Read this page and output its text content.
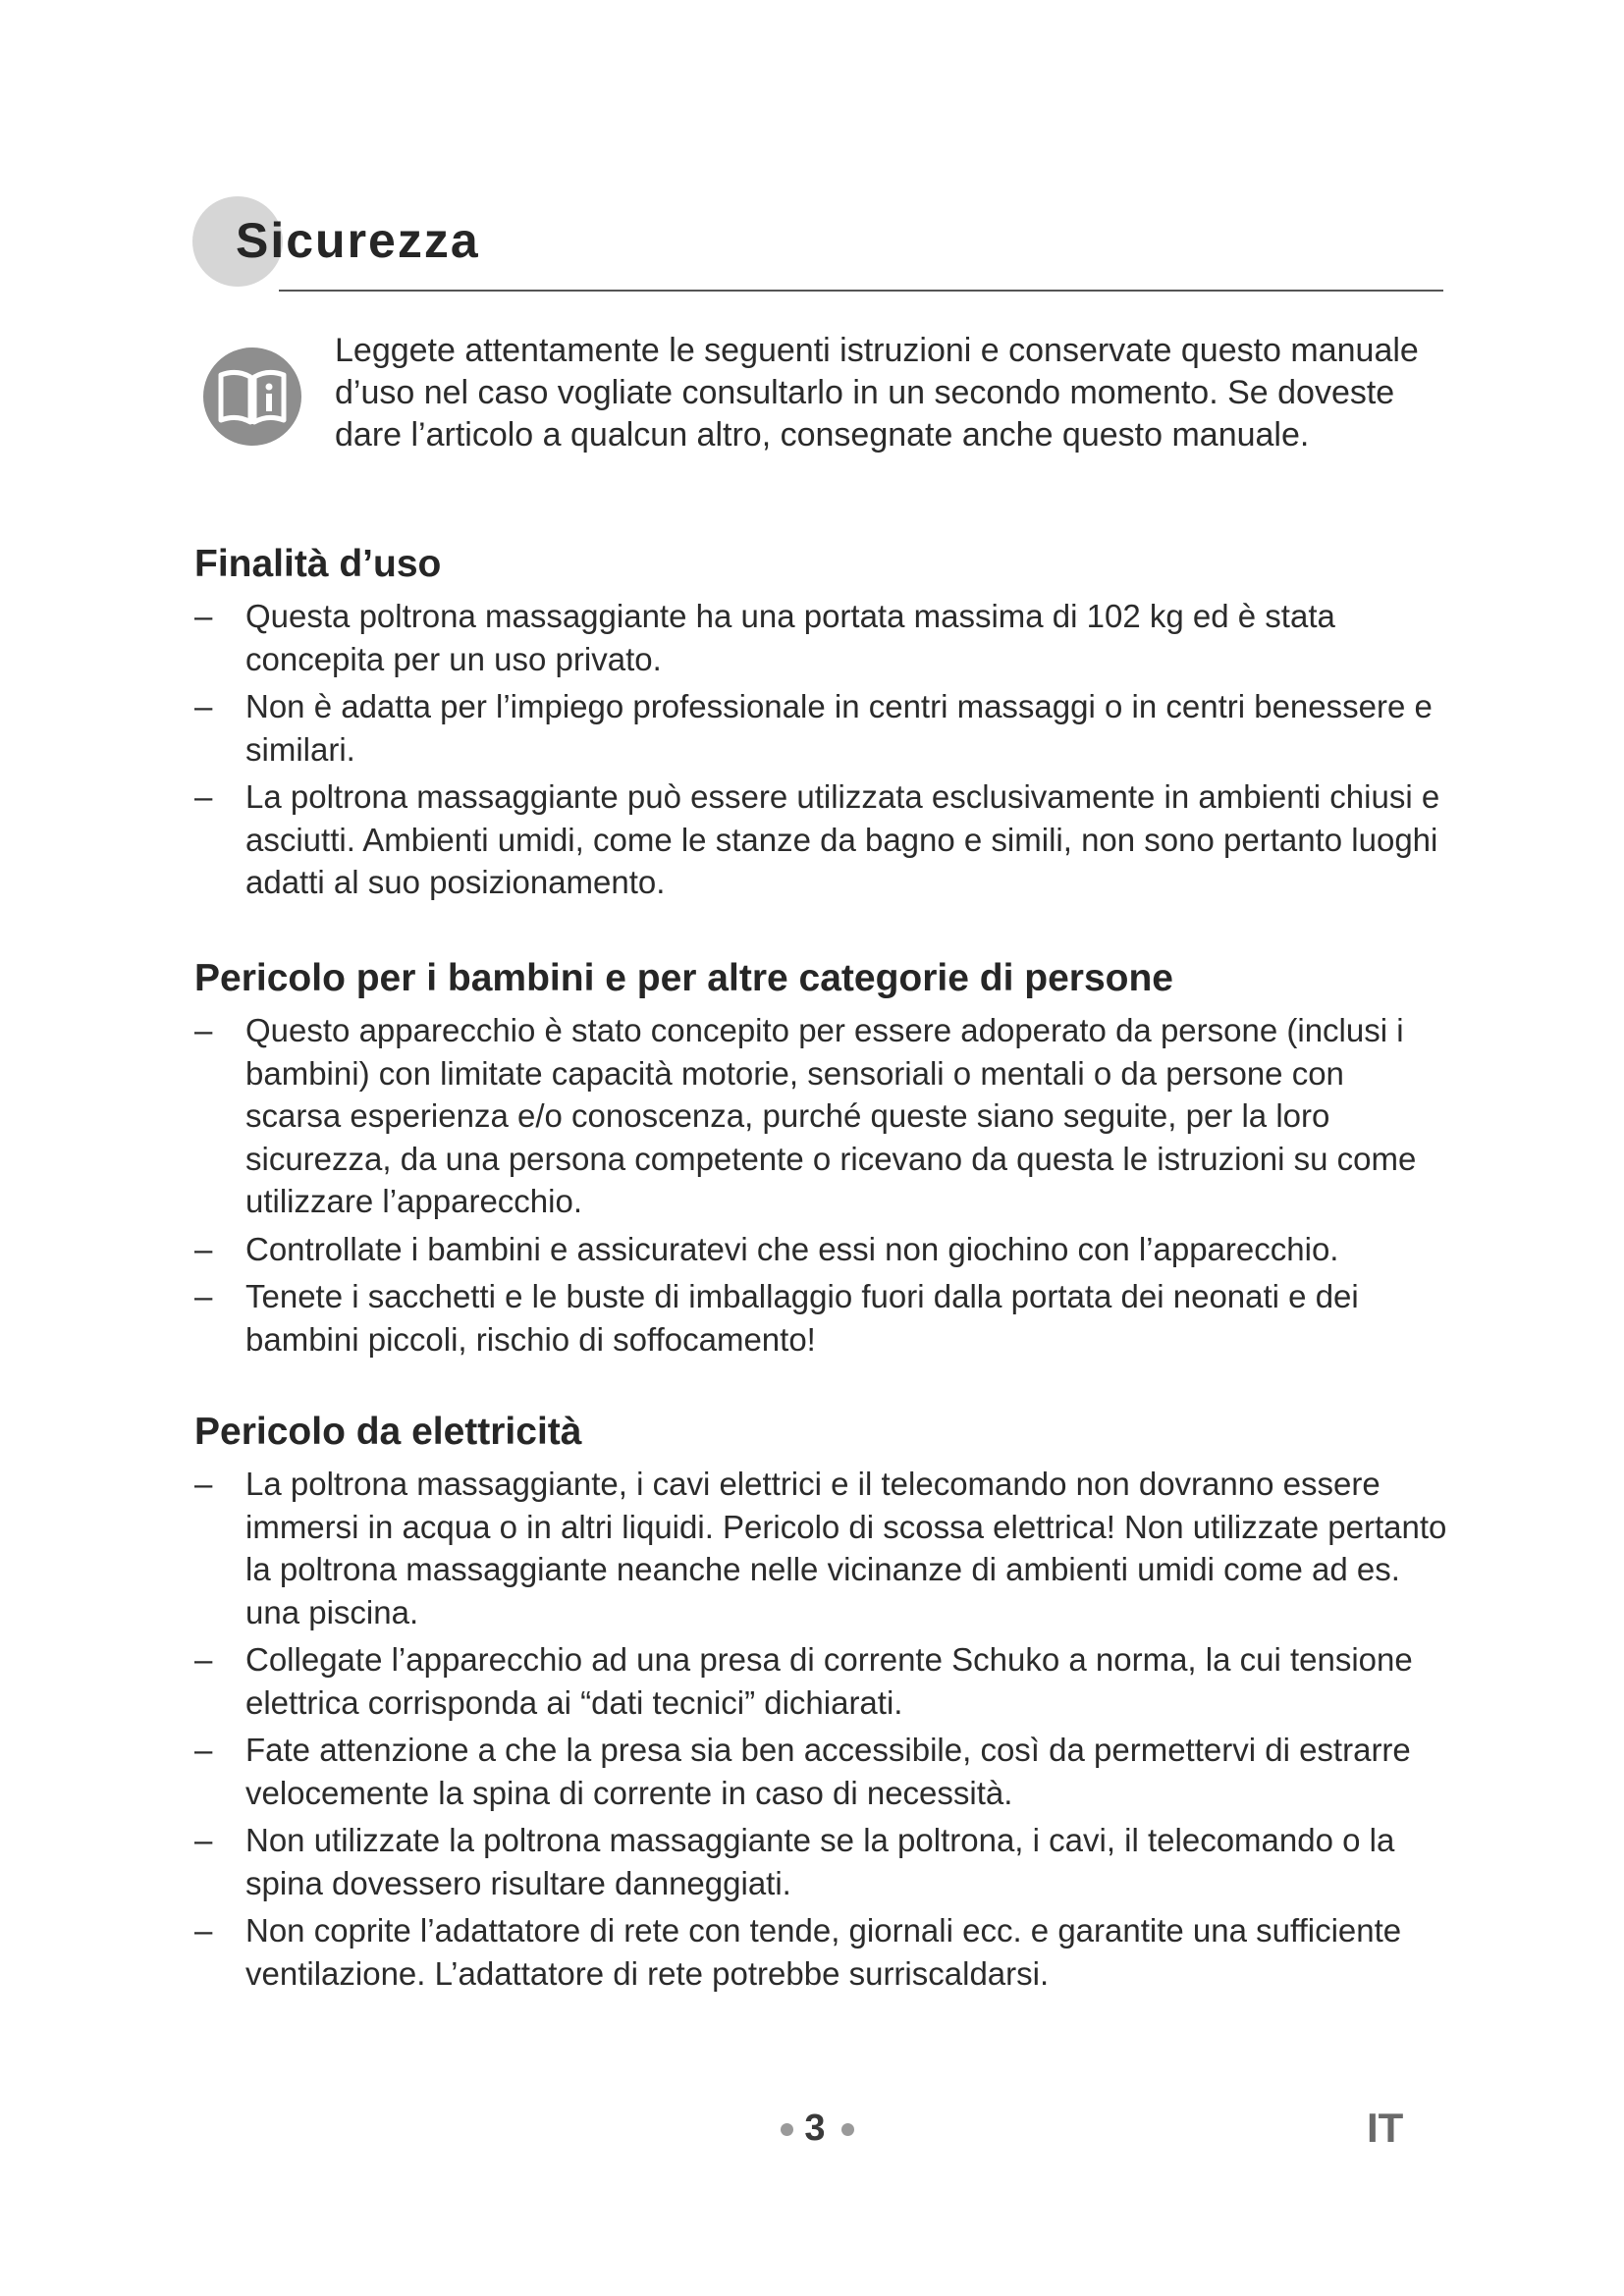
Sicurezza

Leggete attentamente le seguenti istruzioni e conservate questo manuale d’uso nel caso vogliate consultarlo in un secondo momento. Se doveste dare l’articolo a qualcun altro, consegnate anche questo manuale.

Finalità d’uso
– Questa poltrona massaggiante ha una portata massima di 102 kg ed è stata concepita per un uso privato.
– Non è adatta per l’impiego professionale in centri massaggi o in centri benessere e similari.
– La poltrona massaggiante può essere utilizzata esclusivamente in ambienti chiusi e asciutti. Ambienti umidi, come le stanze da bagno e simili, non sono pertanto luoghi adatti al suo posizionamento.
Pericolo per i bambini e per altre categorie di persone
– Questo apparecchio è stato concepito per essere adoperato da persone (inclusi i bambini) con limitate capacità motorie, sensoriali o mentali o da persone con scarsa esperienza e/o conoscenza, purché queste siano seguite, per la loro sicurezza, da una persona competente o ricevano da questa le istruzioni su come utilizzare l’apparecchio.
– Controllate i bambini e assicuratevi che essi non giochino con l’apparecchio.
– Tenete i sacchetti e le buste di imballaggio fuori dalla portata dei neonati e dei bambini piccoli, rischio di soffocamento!
Pericolo da elettricità
– La poltrona massaggiante, i cavi elettrici e il telecomando non dovranno essere immersi in acqua o in altri liquidi. Pericolo di scossa elettrica! Non utilizzate pertanto la poltrona massaggiante neanche nelle vicinanze di ambienti umidi come ad es. una piscina.
– Collegate l’apparecchio ad una presa di corrente Schuko a norma, la cui tensione elettrica corrisponda ai “dati tecnici” dichiarati.
– Fate attenzione a che la presa sia ben accessibile, così da permettervi di estrarre velocemente la spina di corrente in caso di necessità.
– Non utilizzate la poltrona massaggiante se la poltrona, i cavi, il telecomando o la spina dovessero risultare danneggiati.
– Non coprite l’adattatore di rete con tende, giornali ecc. e garantite una sufficiente ventilazione. L’adattatore di rete potrebbe surriscaldarsi.
3	IT
